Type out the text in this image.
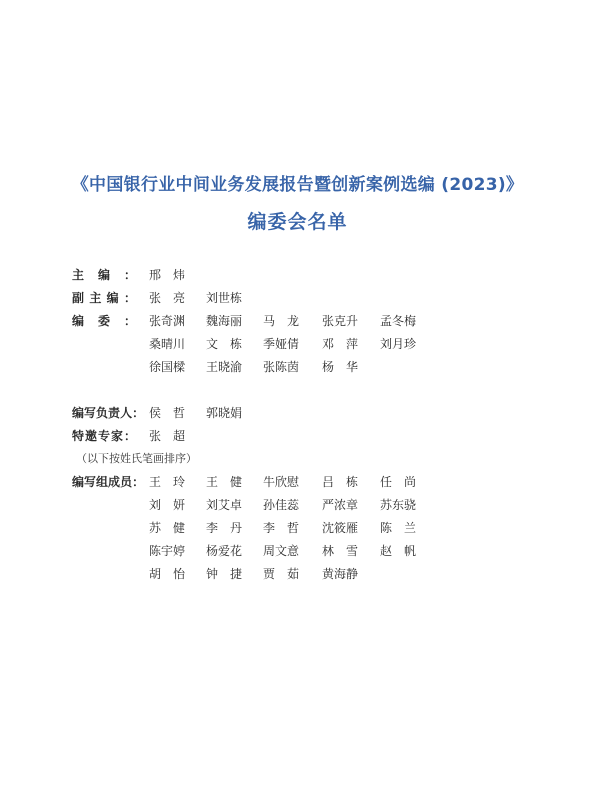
《中国银行业中间业务发展报告暨创新案例选编 (2023)》
编委会名单
主 编 ： 邢　炜
副 主 编 ： 张　亮 刘世栋
编 委 ： 张奇渊 魏海丽 马　龙 张克升 孟冬梅
桑晴川 文　栋 季娅倩 邓　萍 刘月珍
徐国樑 王晓渝 张陈茵 杨　华
编 写 负 责 人 ： 侯　哲 郭晓娟
特 邀 专 家 ： 张　超
编 写 组 成 员 ： 王　玲 王　健 牛欣慰 吕　栋 任　尚
刘　妍 刘艾卓 孙佳蕊 严浓章 苏东骁
苏　健 李　丹 李　哲 沈筱雁 陈　兰
陈宇婷 杨爱花 周文意 林　雪 赵　帆
胡　怡 钟　捷 贾　茹 黄海静
（以下按姓氏笔画排序）
